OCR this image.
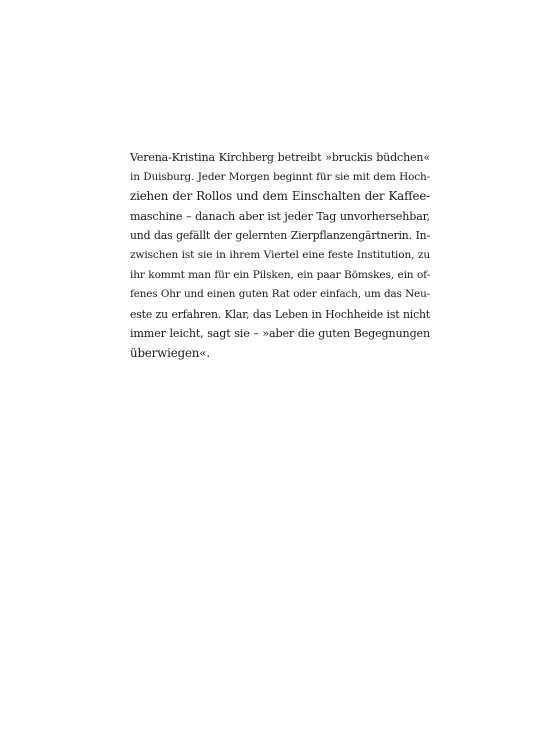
Verena-Kristina Kirchberg betreibt »bruckis büdchen«
in Duisburg. Jeder Morgen beginnt für sie mit dem Hoch-
ziehen der Rollos und dem Einschalten der Kaffee-
maschine – danach aber ist jeder Tag unvorhersehbar,
und das gefällt der gelernten Zierpflanzengärtnerin. In-
zwischen ist sie in ihrem Viertel eine feste Institution, zu
ihr kommt man für ein Pilsken, ein paar Bömskes, ein of-
fenes Ohr und einen guten Rat oder einfach, um das Neu-
este zu erfahren. Klar, das Leben in Hochheide ist nicht
immer leicht, sagt sie – »aber die guten Begegnungen
überwiegen«.
